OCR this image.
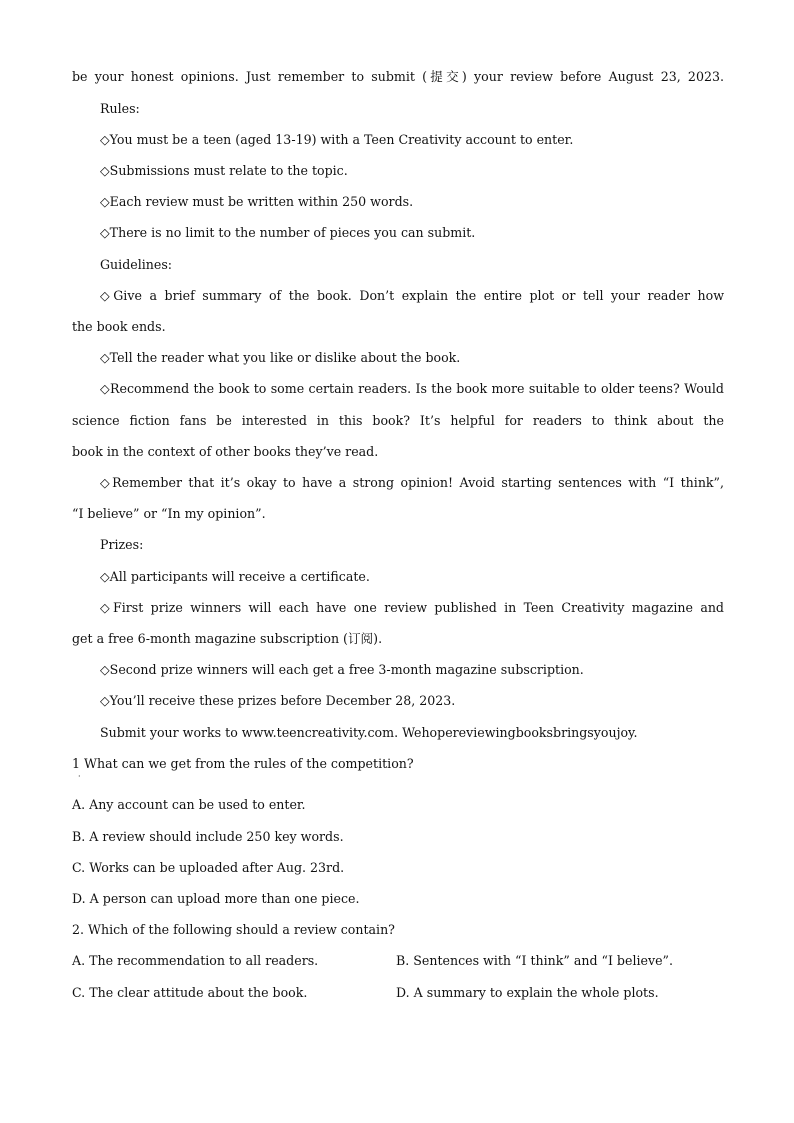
be your honest opinions. Just remember to submit (提交) your review before August 23, 2023.
Rules:
◇You must be a teen (aged 13-19) with a Teen Creativity account to enter.
◇Submissions must relate to the topic.
◇Each review must be written within 250 words.
◇There is no limit to the number of pieces you can submit.
Guidelines:
◇Give a brief summary of the book. Don’t explain the entire plot or tell your reader how
the book ends.
◇Tell the reader what you like or dislike about the book.
◇Recommend the book to some certain readers. Is the book more suitable to older teens? Would
science fiction fans be interested in this book? It’s helpful for readers to think about the
book in the context of other books they’ve read.
◇Remember that it’s okay to have a strong opinion! Avoid starting sentences with “I think”,
“I believe” or “In my opinion”.
Prizes:
◇All participants will receive a certificate.
◇First prize winners will each have one review published in Teen Creativity magazine and
get a free 6-month magazine subscription (订阅).
◇Second prize winners will each get a free 3-month magazine subscription.
◇You’ll receive these prizes before December 28, 2023.
Submit your works to www.teencreativity.com. Wehopereviewingbooksbringsyoujoy.
1 What can we get from the rules of the competition?
·
A. Any account can be used to enter.
B. A review should include 250 key words.
C. Works can be uploaded after Aug. 23rd.
D. A person can upload more than one piece.
2. Which of the following should a review contain?
A. The recommendation to all readers.	B. Sentences with “I think” and “I believe”.
C. The clear attitude about the book.	D. A summary to explain the whole plots.
